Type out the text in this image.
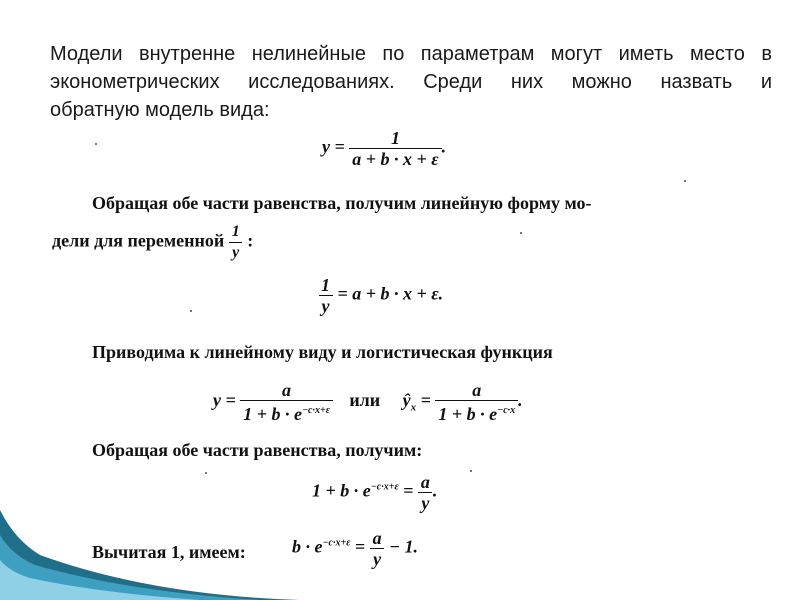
Модели внутренне нелинейные по параметрам могут иметь место в
эконометрических исследованиях. Среди них можно назвать и
обратную модель вида:
$y = \frac{1}{a + b \cdot x + \varepsilon}$ .
Обращая обе части равенства, получим линейную форму мо-
дели для переменной $\frac{1}{y}$ :
$\frac{1}{y} = a + b \cdot x + \varepsilon$.
Приводима к линейному виду и логистическая функция
$y = \frac{a}{1 + b \cdot e^{-c\cdot x+\varepsilon}}$ или $ŷ_x = \frac{a}{1 + b \cdot e^{-c\cdot x}}$ .
Обращая обе части равенства, получим:
$1 + b \cdot e^{-c\cdot x+\varepsilon} = \frac{a}{y}$ .
Вычитая 1, имеем:	$b \cdot e^{-c\cdot x+\varepsilon} = \frac{a}{y} - 1$.
